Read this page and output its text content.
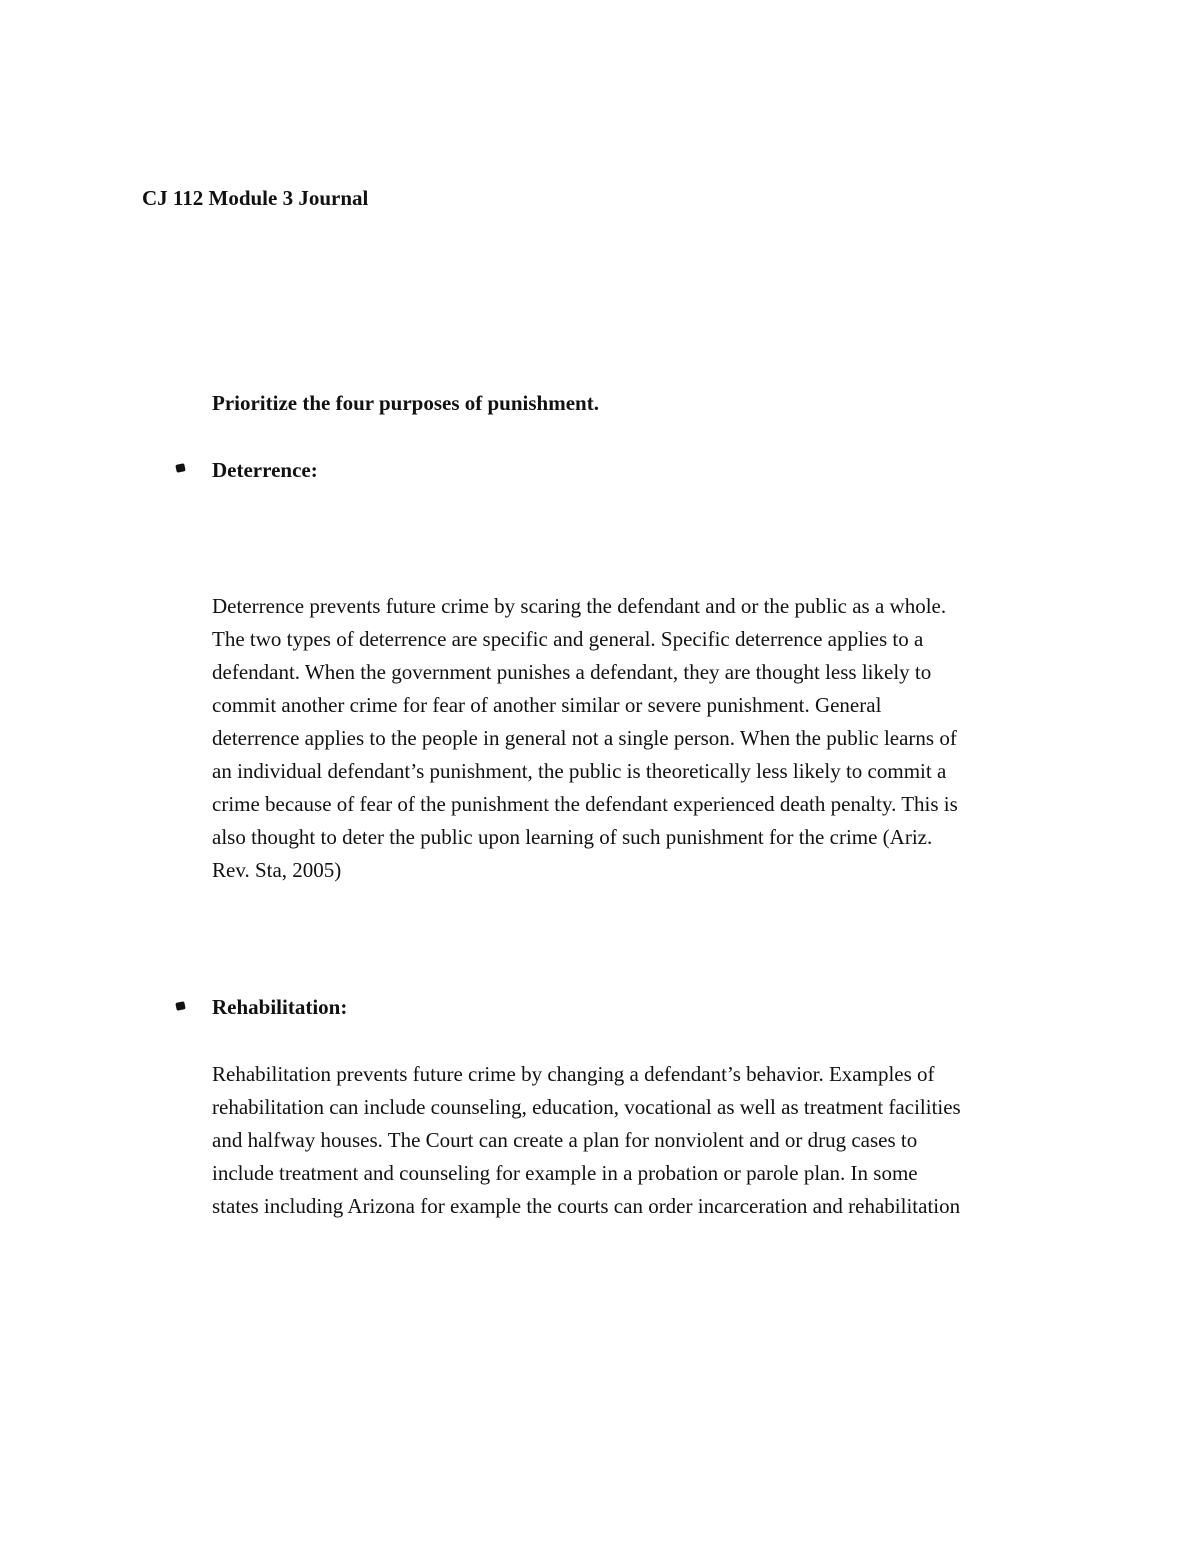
CJ 112 Module 3 Journal
Prioritize the four purposes of punishment.
Deterrence:
Deterrence prevents future crime by scaring the defendant and or the public as a whole.
The two types of deterrence are specific and general. Specific deterrence applies to a
defendant. When the government punishes a defendant, they are thought less likely to
commit another crime for fear of another similar or severe punishment. General
deterrence applies to the people in general not a single person. When the public learns of
an individual defendant’s punishment, the public is theoretically less likely to commit a
crime because of fear of the punishment the defendant experienced death penalty. This is
also thought to deter the public upon learning of such punishment for the crime (Ariz.
Rev. Sta, 2005)
Rehabilitation:
Rehabilitation prevents future crime by changing a defendant’s behavior. Examples of
rehabilitation can include counseling, education, vocational as well as treatment facilities
and halfway houses. The Court can create a plan for nonviolent and or drug cases to
include treatment and counseling for example in a probation or parole plan. In some
states including Arizona for example the courts can order incarceration and rehabilitation
